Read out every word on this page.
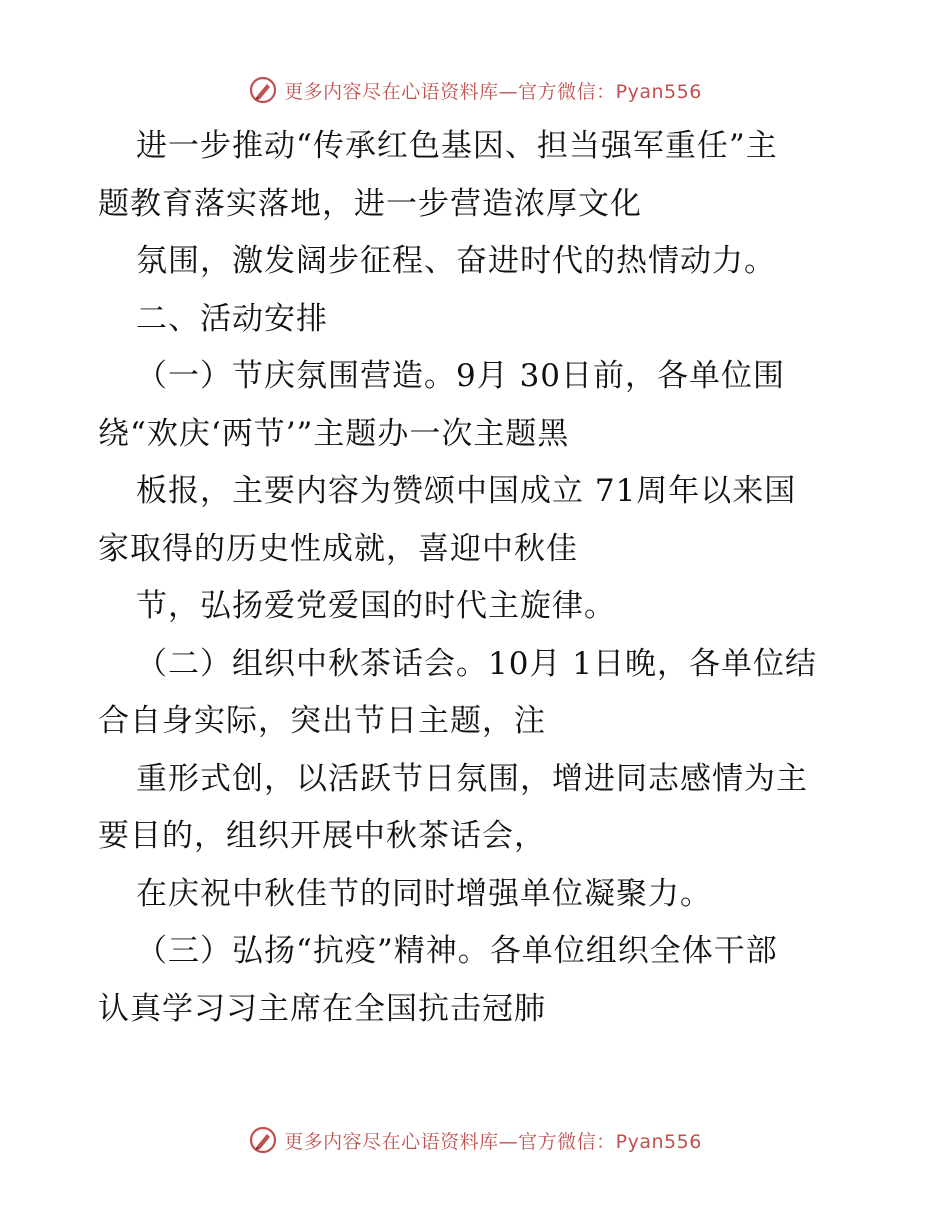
更多内容尽在心语资料库—官方微信：Pyan556
进一步推动“传承红色基因、担当强军重任”主
题教育落实落地，进一步营造浓厚文化
氛围，激发阔步征程、奋进时代的热情动力。
二、活动安排
（一）节庆氛围营造。9月 30日前，各单位围
绕“欢庆‘两节’”主题办一次主题黑
板报，主要内容为赞颂中国成立 71周年以来国
家取得的历史性成就，喜迎中秋佳
节，弘扬爱党爱国的时代主旋律。
（二）组织中秋茶话会。10月 1日晚，各单位结
合自身实际，突出节日主题，注
重形式创，以活跃节日氛围，增进同志感情为主
要目的，组织开展中秋茶话会，
在庆祝中秋佳节的同时增强单位凝聚力。
（三）弘扬“抗疫”精神。各单位组织全体干部
认真学习习主席在全国抗击冠肺
更多内容尽在心语资料库—官方微信：Pyan556
